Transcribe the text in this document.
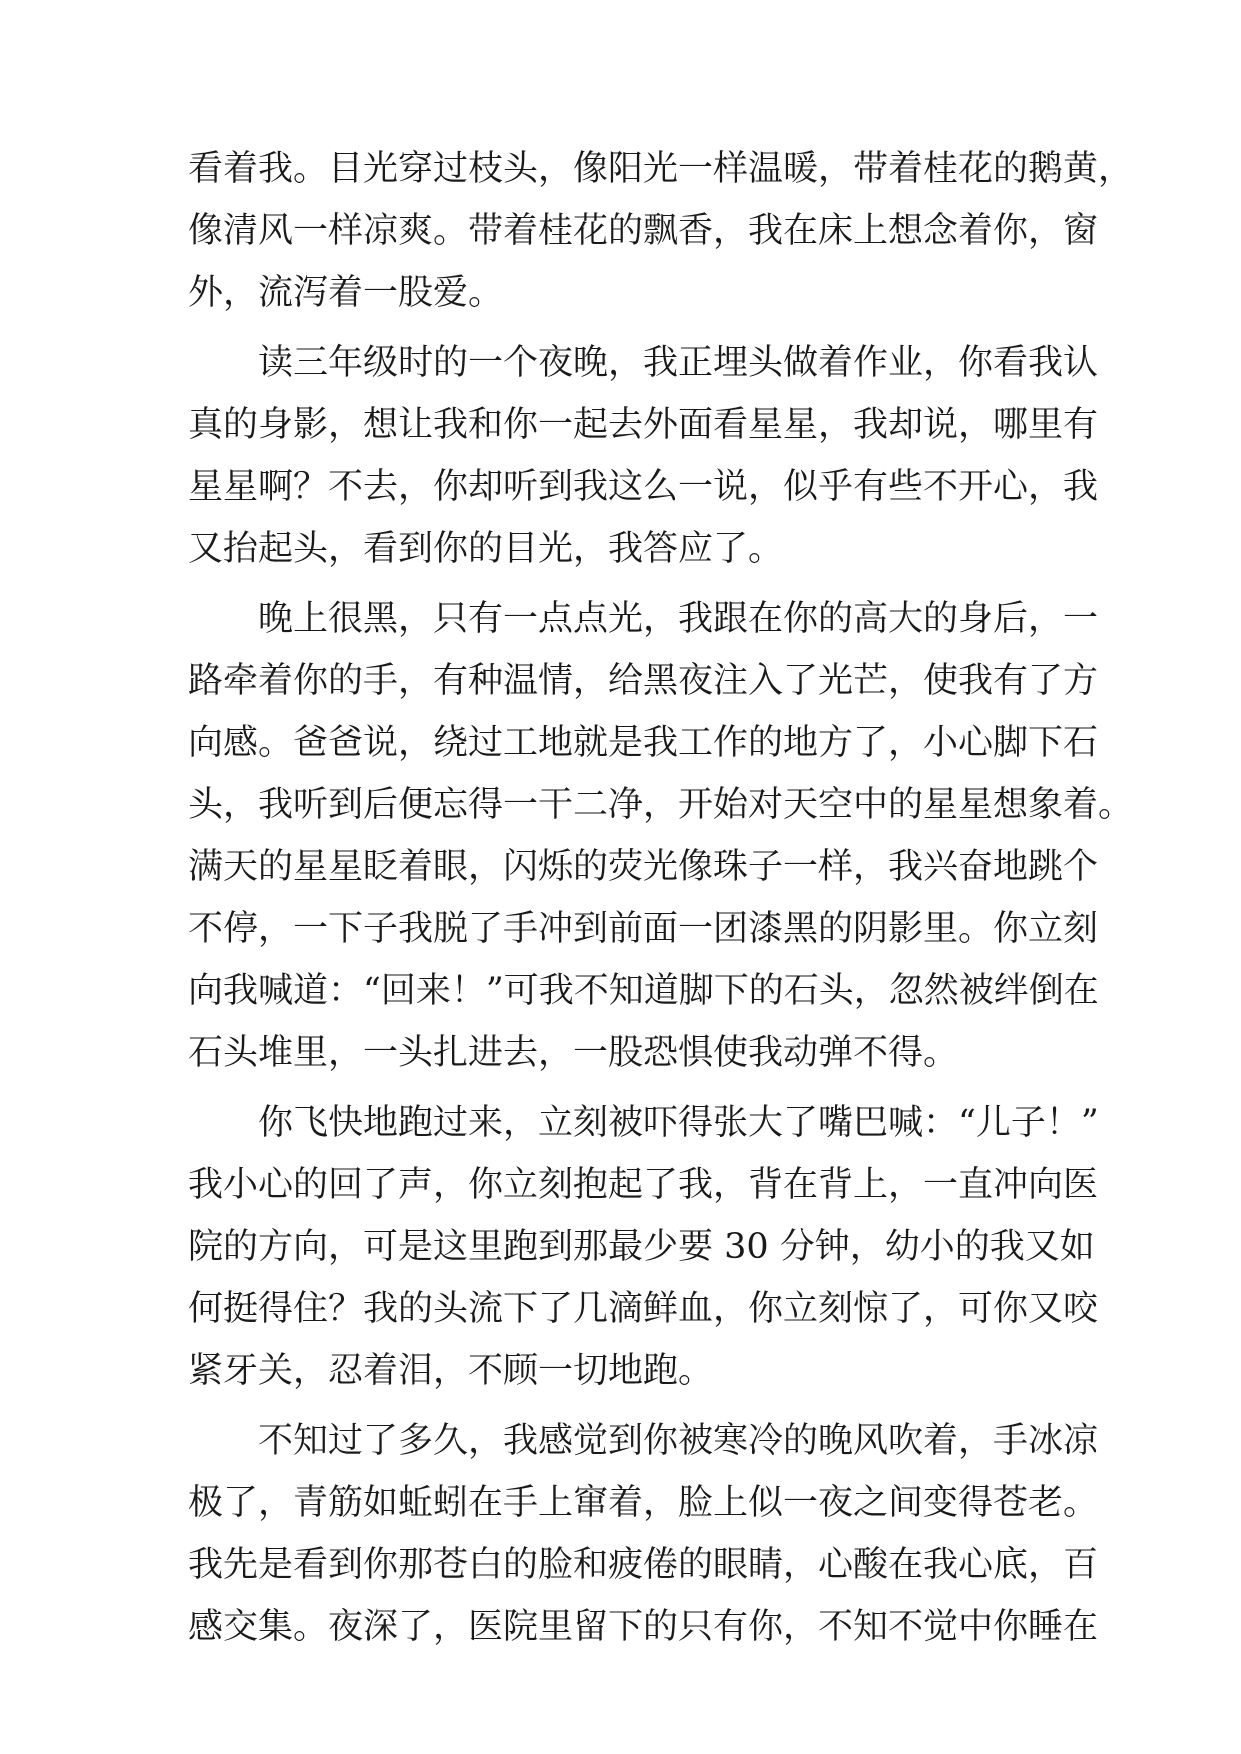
看着我。目光穿过枝头，像阳光一样温暖，带着桂花的鹅黄，
像清风一样凉爽。带着桂花的飘香，我在床上想念着你，窗
外，流泻着一股爱。
读三年级时的一个夜晚，我正埋头做着作业，你看我认
真的身影，想让我和你一起去外面看星星，我却说，哪里有
星星啊？不去，你却听到我这么一说，似乎有些不开心，我
又抬起头，看到你的目光，我答应了。
晚上很黑，只有一点点光，我跟在你的高大的身后，一
路牵着你的手，有种温情，给黑夜注入了光芒，使我有了方
向感。爸爸说，绕过工地就是我工作的地方了，小心脚下石
头，我听到后便忘得一干二净，开始对天空中的星星想象着。
满天的星星眨着眼，闪烁的荧光像珠子一样，我兴奋地跳个
不停，一下子我脱了手冲到前面一团漆黑的阴影里。你立刻
向我喊道：“回来！”可我不知道脚下的石头，忽然被绊倒在
石头堆里，一头扎进去，一股恐惧使我动弹不得。
你飞快地跑过来，立刻被吓得张大了嘴巴喊：“儿子！”
我小心的回了声，你立刻抱起了我，背在背上，一直冲向医
院的方向，可是这里跑到那最少要 30 分钟，幼小的我又如
何挺得住？我的头流下了几滴鲜血，你立刻惊了，可你又咬
紧牙关，忍着泪，不顾一切地跑。
不知过了多久，我感觉到你被寒冷的晚风吹着，手冰凉
极了，青筋如蚯蚓在手上窜着，脸上似一夜之间变得苍老。
我先是看到你那苍白的脸和疲倦的眼睛，心酸在我心底，百
感交集。夜深了，医院里留下的只有你，不知不觉中你睡在
